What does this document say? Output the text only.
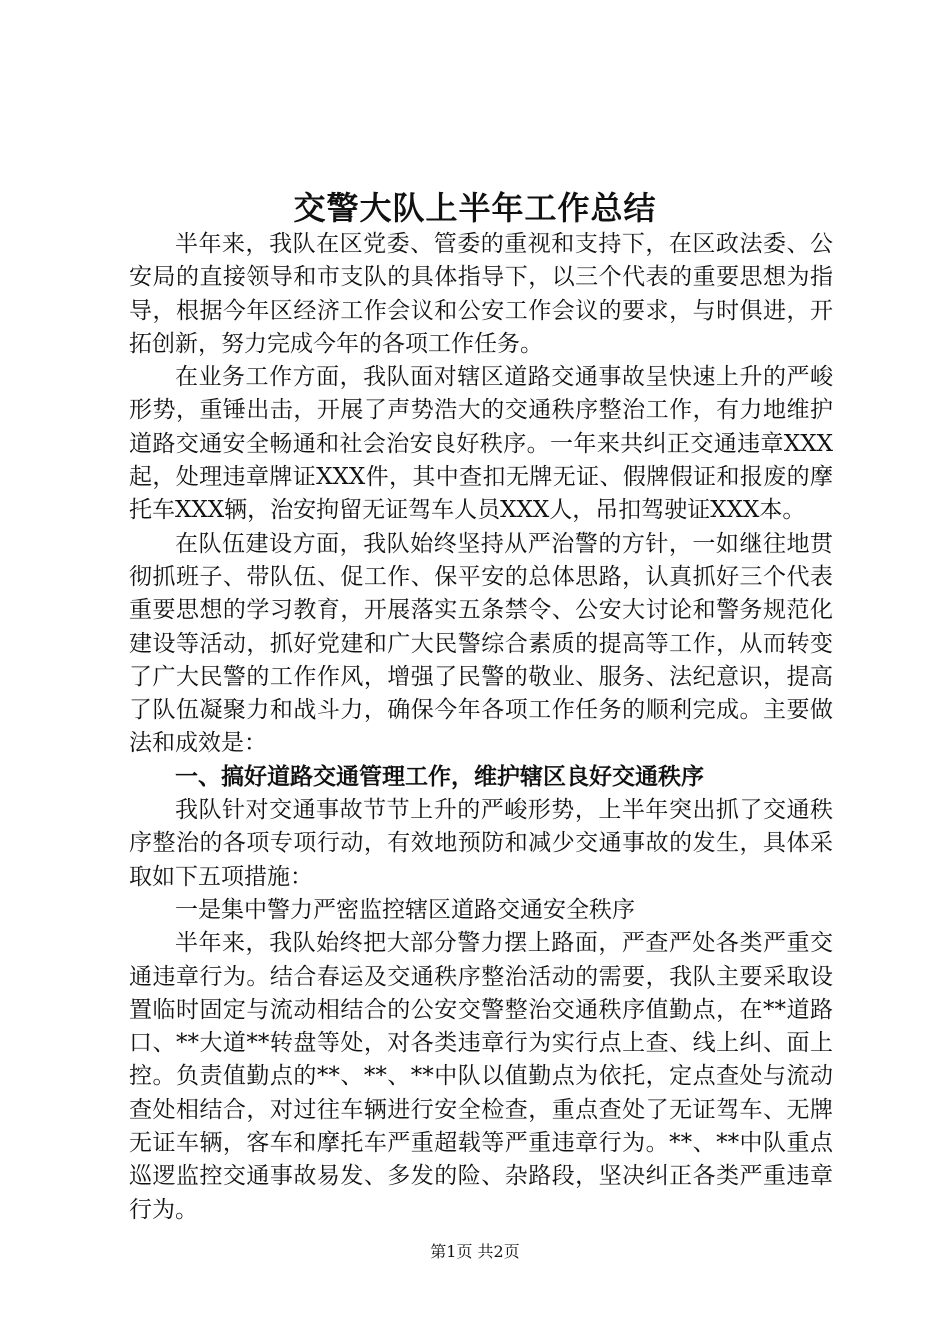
交警大队上半年工作总结

半年来，我队在区党委、管委的重视和支持下，在区政法委、公安局的直接领导和市支队的具体指导下，以三个代表的重要思想为指导，根据今年区经济工作会议和公安工作会议的要求，与时俱进，开拓创新，努力完成今年的各项工作任务。

在业务工作方面，我队面对辖区道路交通事故呈快速上升的严峻形势，重锤出击，开展了声势浩大的交通秩序整治工作，有力地维护道路交通安全畅通和社会治安良好秩序。一年来共纠正交通违章XXX起，处理违章牌证XXX件，其中查扣无牌无证、假牌假证和报废的摩托车XXX辆，治安拘留无证驾车人员XXX人，吊扣驾驶证XXX本。

在队伍建设方面，我队始终坚持从严治警的方针，一如继往地贯彻抓班子、带队伍、促工作、保平安的总体思路，认真抓好三个代表重要思想的学习教育，开展落实五条禁令、公安大讨论和警务规范化建设等活动，抓好党建和广大民警综合素质的提高等工作，从而转变了广大民警的工作作风，增强了民警的敬业、服务、法纪意识，提高了队伍凝聚力和战斗力，确保今年各项工作任务的顺利完成。主要做法和成效是：

一、搞好道路交通管理工作，维护辖区良好交通秩序

我队针对交通事故节节上升的严峻形势，上半年突出抓了交通秩序整治的各项专项行动，有效地预防和减少交通事故的发生，具体采取如下五项措施：

一是集中警力严密监控辖区道路交通安全秩序

半年来，我队始终把大部分警力摆上路面，严查严处各类严重交通违章行为。结合春运及交通秩序整治活动的需要，我队主要采取设置临时固定与流动相结合的公安交警整治交通秩序值勤点，在**道路口、**大道**转盘等处，对各类违章行为实行点上查、线上纠、面上控。负责值勤点的**、**、**中队以值勤点为依托，定点查处与流动查处相结合，对过往车辆进行安全检查，重点查处了无证驾车、无牌无证车辆，客车和摩托车严重超载等严重违章行为。**、**中队重点巡逻监控交通事故易发、多发的险、杂路段，坚决纠正各类严重违章行为。

第1页 共2页
